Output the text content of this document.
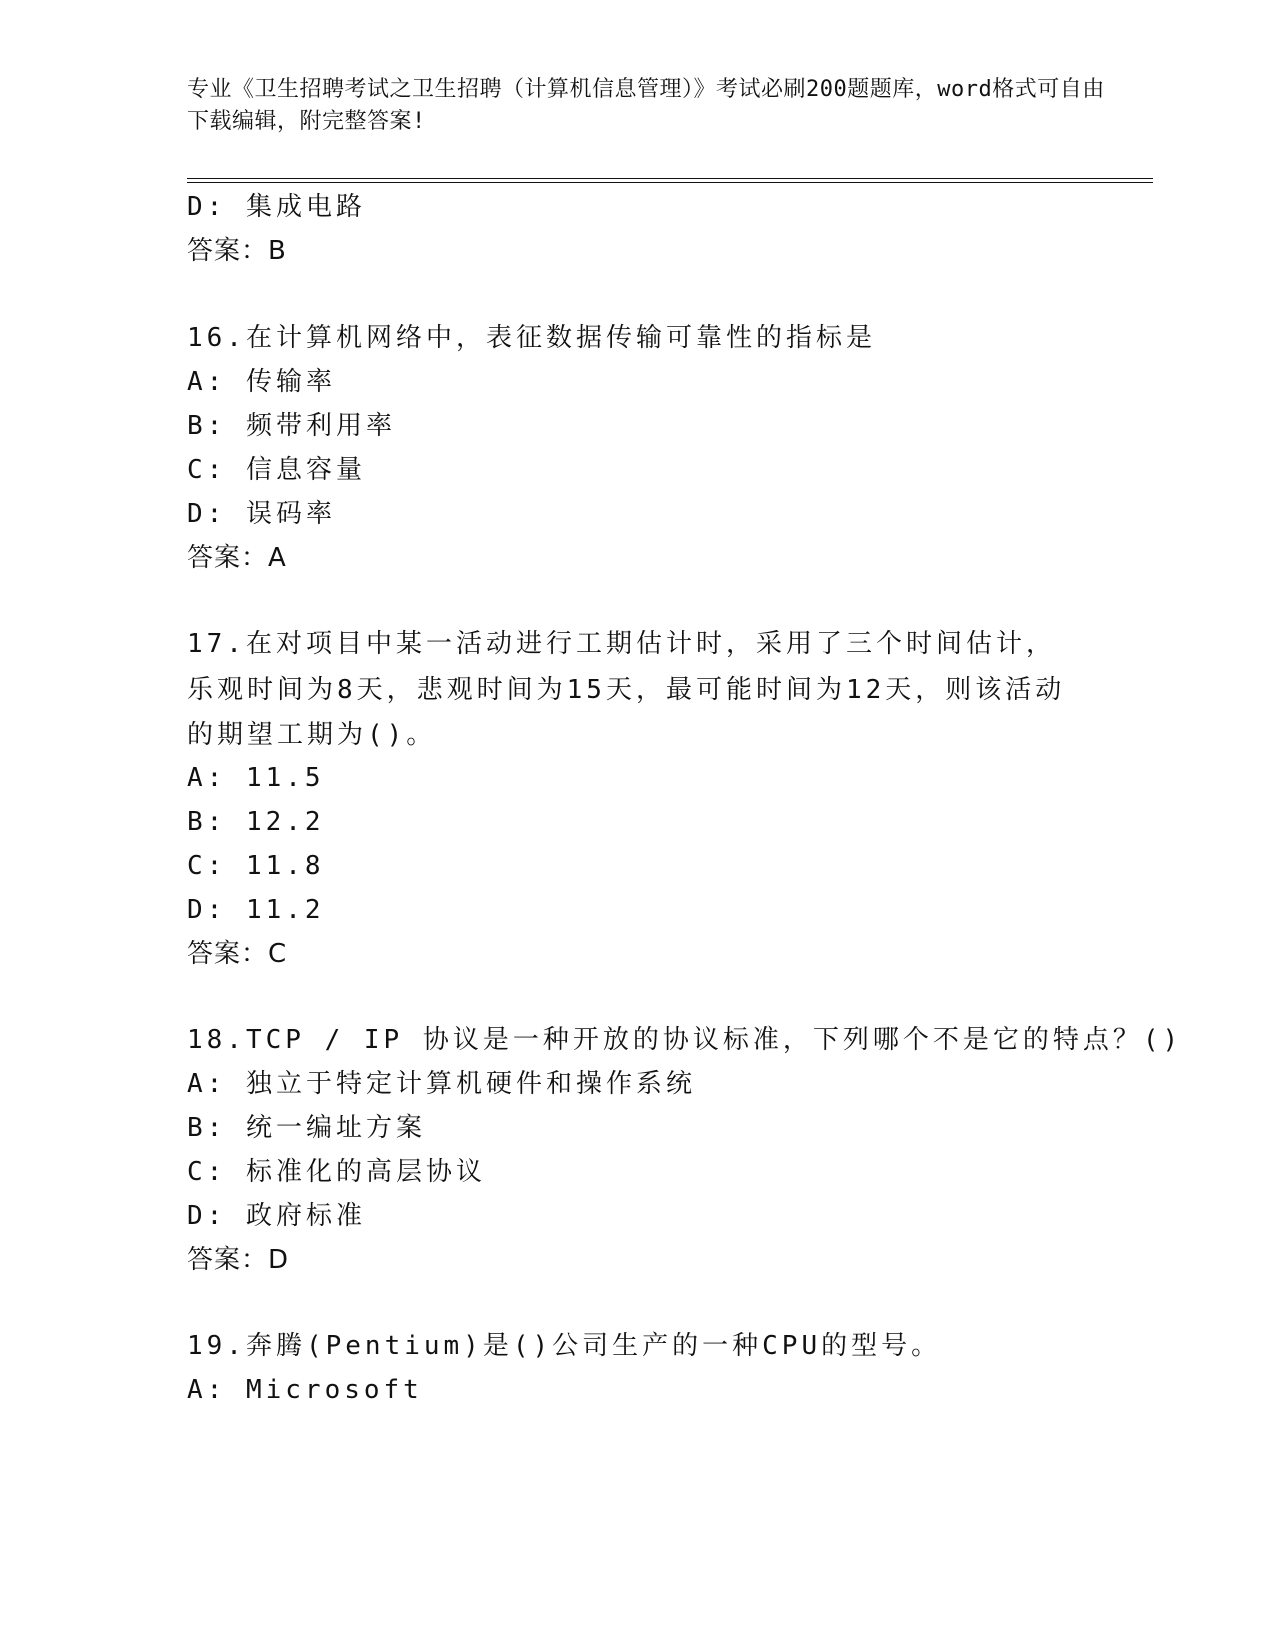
专业《卫生招聘考试之卫生招聘（计算机信息管理）》考试必刷200题题库，word格式可自由下载编辑，附完整答案!
D: 集成电路
答案：B
16.在计算机网络中，表征数据传输可靠性的指标是
A: 传输率
B: 频带利用率
C: 信息容量
D: 误码率
答案：A
17.在对项目中某一活动进行工期估计时，采用了三个时间估计，乐观时间为8天，悲观时间为15天，最可能时间为12天，则该活动的期望工期为()。
A: 11.5
B: 12.2
C: 11.8
D: 11.2
答案：C
18.TCP / IP 协议是一种开放的协议标准，下列哪个不是它的特点？()
A: 独立于特定计算机硬件和操作系统
B: 统一编址方案
C: 标准化的高层协议
D: 政府标准
答案：D
19.奔腾(Pentium)是()公司生产的一种CPU的型号。
A: Microsoft
